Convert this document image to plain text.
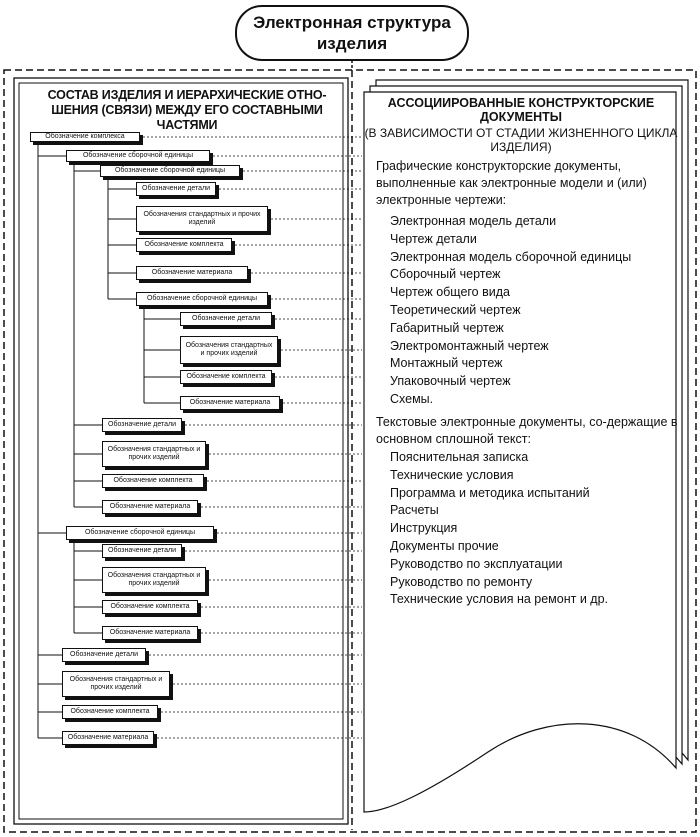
Электронная структура изделия
СОСТАВ ИЗДЕЛИЯ И ИЕРАРХИЧЕСКИЕ ОТНО-ШЕНИЯ (СВЯЗИ) МЕЖДУ ЕГО СОСТАВНЫМИ ЧАСТЯМИ
Обозначение комплекса
Обозначение сборочной единицы
Обозначение сборочной единицы
Обозначение детали
Обозначения стандартных и прочих изделий
Обозначение комплекта
Обозначение материала
Обозначение сборочной единицы
Обозначение детали
Обозначения стандартных и прочих изделий
Обозначение комплекта
Обозначение материала
Обозначение детали
Обозначения стандартных и прочих изделий
Обозначение комплекта
Обозначение материала
Обозначение сборочной единицы
Обозначение детали
Обозначения стандартных и прочих изделий
Обозначение комплекта
Обозначение материала
Обозначение детали
Обозначения стандартных и прочих изделий
Обозначение комплекта
Обозначение материала
АССОЦИИРОВАННЫЕ КОНСТРУКТОРСКИЕ ДОКУМЕНТЫ
(В ЗАВИСИМОСТИ ОТ СТАДИИ ЖИЗНЕННОГО ЦИКЛА ИЗДЕЛИЯ)
Графические конструкторские документы, выполненные как электронные модели и (или) электронные чертежи:
Электронная модель детали
Чертеж детали
Электронная модель сборочной единицы
Сборочный чертеж
Чертеж общего вида
Теоретический чертеж
Габаритный чертеж
Электромонтажный чертеж
Монтажный чертеж
Упаковочный чертеж
Схемы.
Текстовые электронные документы, со-держащие в основном сплошной текст:
Пояснительная записка
Технические условия
Программа и методика испытаний
Расчеты
Инструкция
Документы прочие
Руководство по эксплуатации
Руководство по ремонту
Технические условия на ремонт и др.
